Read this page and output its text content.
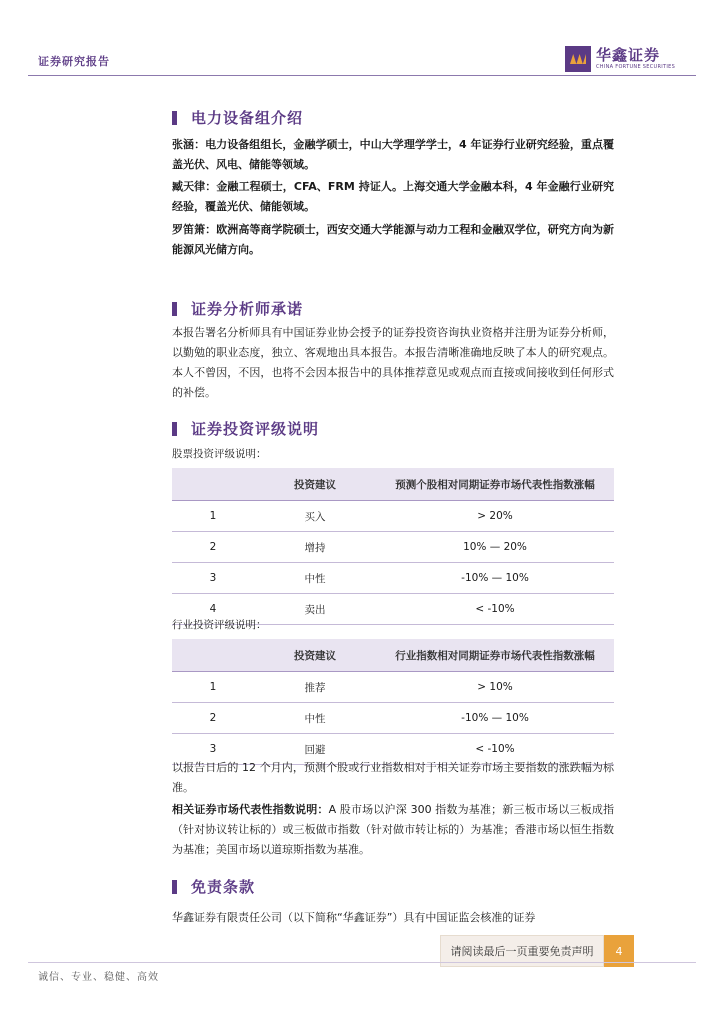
证券研究报告	华鑫证券
CHINA FORTUNE SECURITIES
电力设备组介绍
张涵：电力设备组组长，金融学硕士，中山大学理学学士，4 年证券行业研究经验，重点覆盖光伏、风电、储能等领域。
臧天律：金融工程硕士，CFA、FRM 持证人。上海交通大学金融本科，4 年金融行业研究经验，覆盖光伏、储能领域。
罗笛箫：欧洲高等商学院硕士，西安交通大学能源与动力工程和金融双学位，研究方向为新能源风光储方向。
证券分析师承诺
本报告署名分析师具有中国证券业协会授予的证券投资咨询执业资格并注册为证券分析师，以勤勉的职业态度，独立、客观地出具本报告。本报告清晰准确地反映了本人的研究观点。本人不曾因，不因，也将不会因本报告中的具体推荐意见或观点而直接或间接收到任何形式的补偿。
证券投资评级说明
股票投资评级说明：
	投资建议	预测个股相对同期证券市场代表性指数涨幅
1	买入	> 20%
2	增持	10% — 20%
3	中性	-10% — 10%
4	卖出	< -10%
行业投资评级说明：
	投资建议	行业指数相对同期证券市场代表性指数涨幅
1	推荐	> 10%
2	中性	-10% — 10%
3	回避	< -10%
以报告日后的 12 个月内，预测个股或行业指数相对于相关证券市场主要指数的涨跌幅为标准。
相关证券市场代表性指数说明：A 股市场以沪深 300 指数为基准；新三板市场以三板成指（针对协议转让标的）或三板做市指数（针对做市转让标的）为基准；香港市场以恒生指数为基准；美国市场以道琼斯指数为基准。
免责条款
华鑫证券有限责任公司（以下简称“华鑫证券”）具有中国证监会核准的证券
请阅读最后一页重要免责声明	4
诚信、专业、稳健、高效
